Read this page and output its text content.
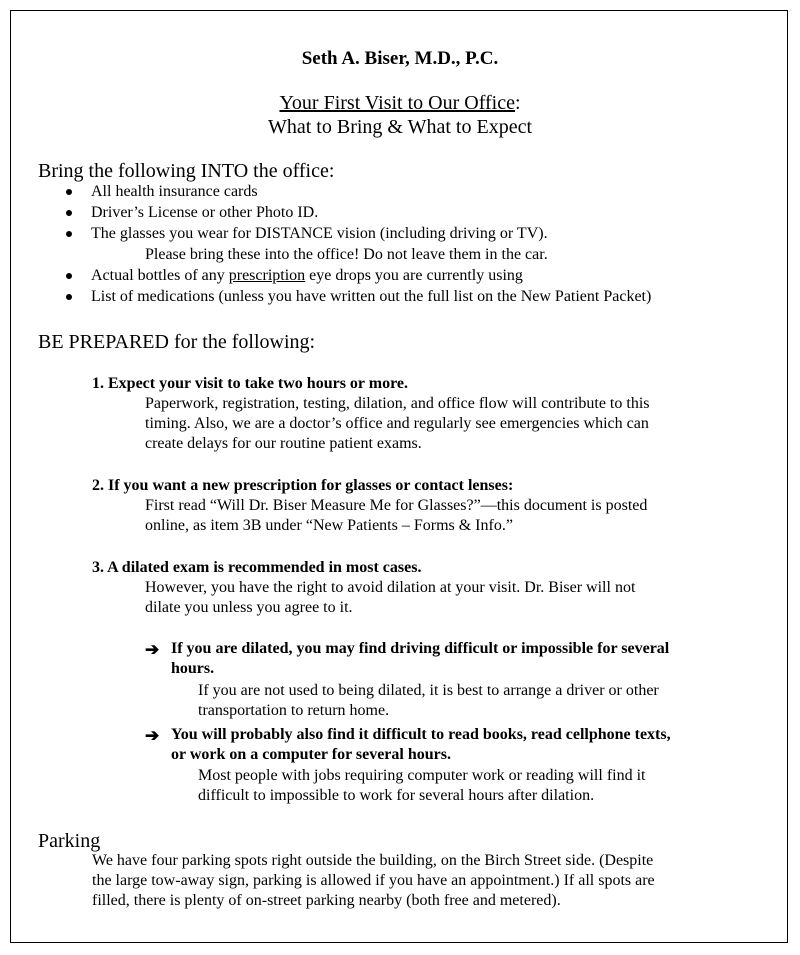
Seth A. Biser, M.D., P.C.
Your First Visit to Our Office:
What to Bring & What to Expect
Bring the following INTO the office:
All health insurance cards
Driver’s License or other Photo ID.
The glasses you wear for DISTANCE vision (including driving or TV).
Please bring these into the office! Do not leave them in the car.
Actual bottles of any prescription eye drops you are currently using
List of medications (unless you have written out the full list on the New Patient Packet)
BE PREPARED for the following:
1. Expect your visit to take two hours or more.
Paperwork, registration, testing, dilation, and office flow will contribute to this
timing. Also, we are a doctor’s office and regularly see emergencies which can
create delays for our routine patient exams.
2. If you want a new prescription for glasses or contact lenses:
First read “Will Dr. Biser Measure Me for Glasses?”—this document is posted
online, as item 3B under “New Patients – Forms & Info.”
3. A dilated exam is recommended in most cases.
However, you have the right to avoid dilation at your visit. Dr. Biser will not
dilate you unless you agree to it.
➔ If you are dilated, you may find driving difficult or impossible for several
hours.
If you are not used to being dilated, it is best to arrange a driver or other
transportation to return home.
➔ You will probably also find it difficult to read books, read cellphone texts,
or work on a computer for several hours.
Most people with jobs requiring computer work or reading will find it
difficult to impossible to work for several hours after dilation.
Parking
We have four parking spots right outside the building, on the Birch Street side. (Despite
the large tow-away sign, parking is allowed if you have an appointment.) If all spots are
filled, there is plenty of on-street parking nearby (both free and metered).
